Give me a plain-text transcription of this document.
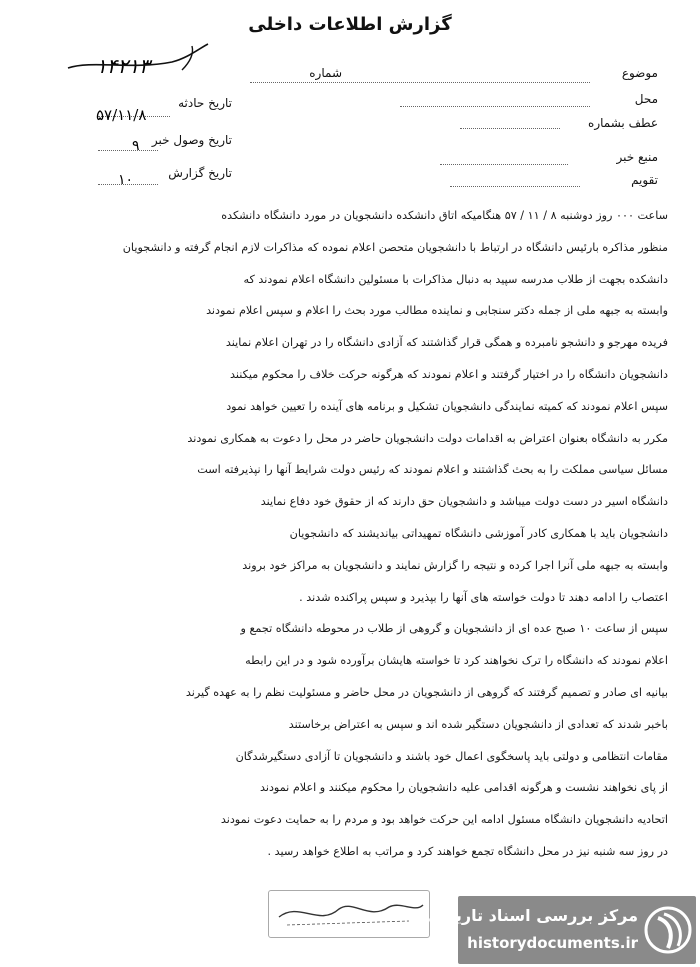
گزارش اطلاعات داخلی
موضوع
شماره
محل
عطف بشماره
منبع خبر
تقویم
تاریخ حادثه
تاریخ وصول خبر
تاریخ گزارش
۱۴۲۱۳
۵۷/۱۱/۸
۹
۱۰
ساعت ۰۰۰ روز دوشنبه ۸ / ۱۱ / ۵۷ هنگامیکه اتاق دانشکده دانشجویان در مورد دانشگاه دانشکده
منظور مذاکره بارئیس دانشگاه در ارتباط با دانشجویان متحصن اعلام نموده که مذاکرات لازم انجام گرفته و دانشجویان
دانشکده بجهت از طلاب مدرسه سپید به دنبال مذاکرات با مسئولین دانشگاه اعلام نمودند که
وابسته به جبهه ملی از جمله دکتر سنجابی و نماینده مطالب مورد بحث را اعلام و سپس اعلام نمودند
فریده مهرجو و دانشجو نامبرده و همگی قرار گذاشتند که آزادی دانشگاه را در تهران اعلام نمایند
دانشجویان دانشگاه را در اختیار گرفتند و اعلام نمودند که هرگونه حرکت خلاف را محکوم میکنند
سپس اعلام نمودند که کمیته نمایندگی دانشجویان تشکیل و برنامه های آینده را تعیین خواهد نمود
مکرر به دانشگاه بعنوان اعتراض به اقدامات دولت دانشجویان حاضر در محل را دعوت به همکاری نمودند
مسائل سیاسی مملکت را به بحث گذاشتند و اعلام نمودند که رئیس دولت شرایط آنها را نپذیرفته است
دانشگاه اسیر در دست دولت میباشد و دانشجویان حق دارند که از حقوق خود دفاع نمایند
دانشجویان باید با همکاری کادر آموزشی دانشگاه تمهیداتی بیاندیشند که دانشجویان
وابسته به جبهه ملی آنرا اجرا کرده و نتیجه را گزارش نمایند و دانشجویان به مراکز خود بروند
اعتصاب را ادامه دهند تا دولت خواسته های آنها را بپذیرد و سپس پراکنده شدند .
سپس از ساعت ۱۰ صبح عده ای از دانشجویان و گروهی از طلاب در محوطه دانشگاه تجمع و
اعلام نمودند که دانشگاه را ترک نخواهند کرد تا خواسته هایشان برآورده شود و در این رابطه
بیانیه ای صادر و تصمیم گرفتند که گروهی از دانشجویان در محل حاضر و مسئولیت نظم را به عهده گیرند
باخبر شدند که تعدادی از دانشجویان دستگیر شده اند و سپس به اعتراض برخاستند
مقامات انتظامی و دولتی باید پاسخگوی اعمال خود باشند و دانشجویان تا آزادی دستگیرشدگان
از پای نخواهند نشست و هرگونه اقدامی علیه دانشجویان را محکوم میکنند و اعلام نمودند
اتحادیه دانشجویان دانشگاه مسئول ادامه این حرکت خواهد بود و مردم را به حمایت دعوت نمودند
در روز سه شنبه نیز در محل دانشگاه تجمع خواهند کرد و مراتب به اطلاع خواهد رسید .
مرکز بررسی اسناد تاریخی
historydocuments.ir
